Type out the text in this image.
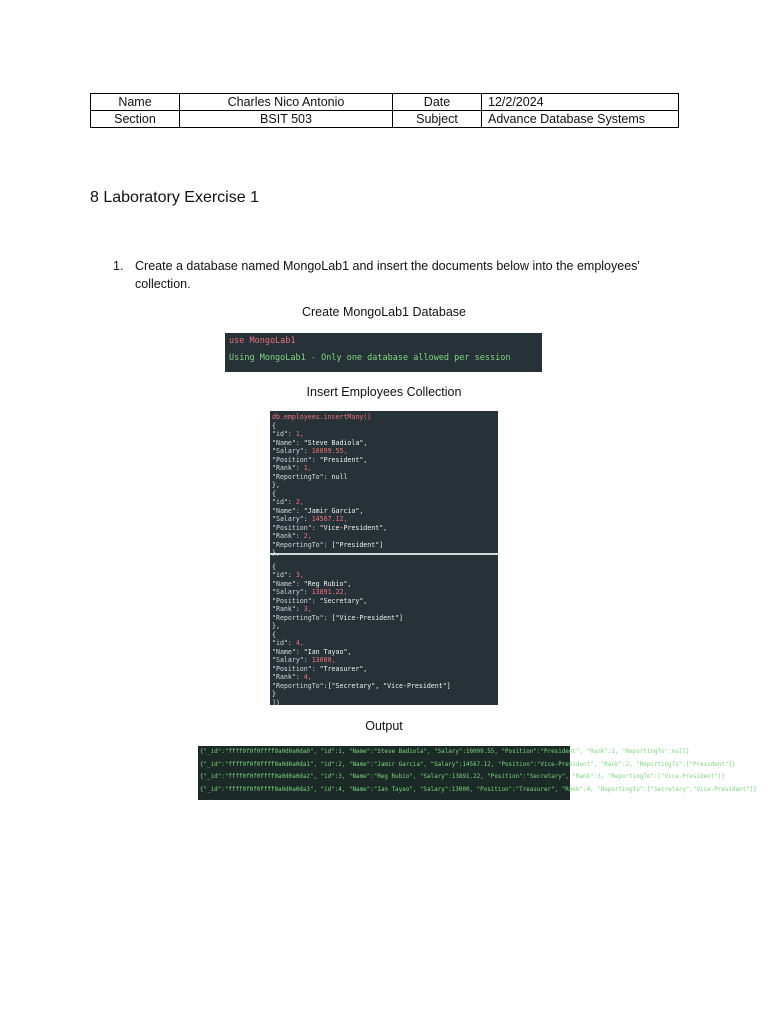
Name	Charles Nico Antonio	Date	12/2/2024
Section	BSIT 503	Subject	Advance Database Systems
8 Laboratory Exercise 1
1. Create a database named MongoLab1 and insert the documents below into the employees' collection.
Create MongoLab1 Database
use MongoLab1
Using MongoLab1 - Only one database allowed per session
Insert Employees Collection
db.employees.insertMany([
{
"id": 1,
"Name": "Steve Badiola",
"Salary": 10099.55,
"Position": "President",
"Rank": 1,
"ReportingTo": null
},
{
"id": 2,
"Name": "Jamir Garcia",
"Salary": 14567.12,
"Position": "Vice-President",
"Rank": 2,
"ReportingTo": ["President"]
},
{
"id": 3,
"Name": "Reg Rubio",
"Salary": 13891.22,
"Position": "Secretary",
"Rank": 3,
"ReportingTo": ["Vice-President"]
},
{
"id": 4,
"Name": "Ian Tayao",
"Salary": 13000,
"Position": "Treasurer",
"Rank": 4,
"ReportingTo":["Secretary", "Vice-President"]
}
])
Output
{"_id":"ffff0f0f0ffff0a0d0a0da0", "id":1, "Name":"Steve Badiola", "Salary":10099.55, "Position":"President", "Rank":1, "ReportingTo":null}
{"_id":"ffff0f0f0ffff0a0d0a0da1", "id":2, "Name":"Jamir Garcia", "Salary":14567.12, "Position":"Vice-President", "Rank":2, "ReportingTo":["President"]}
{"_id":"ffff0f0f0ffff0a0d0a0da2", "id":3, "Name":"Reg Rubio", "Salary":13891.22, "Position":"Secretary", "Rank":3, "ReportingTo":["Vice-President"]}
{"_id":"ffff0f0f0ffff0a0d0a0da3", "id":4, "Name":"Ian Tayao", "Salary":13000, "Position":"Treasurer", "Rank":4, "ReportingTo":["Secretary","Vice-President"]}
